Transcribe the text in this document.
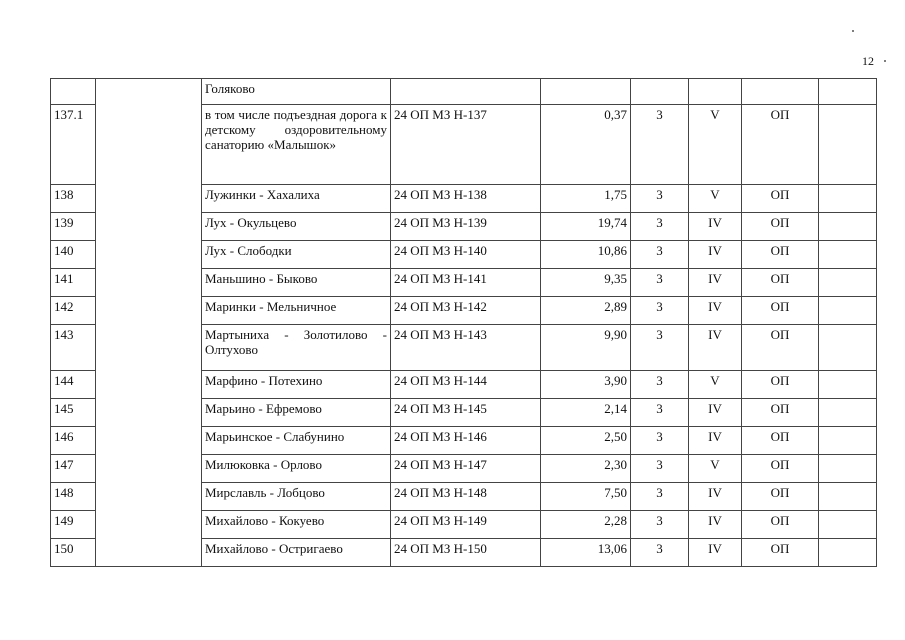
12
		Голяково						
137.1		в том числе подъездная дорога к детскому оздоровительному санаторию «Малышок»	24 ОП МЗ Н-137	0,37	3	V	ОП	
138		Лужинки - Хахалиха	24 ОП МЗ Н-138	1,75	3	V	ОП	
139		Лух - Окульцево	24 ОП МЗ Н-139	19,74	3	IV	ОП	
140		Лух - Слободки	24 ОП МЗ Н-140	10,86	3	IV	ОП	
141		Маньшино - Быково	24 ОП МЗ Н-141	9,35	3	IV	ОП	
142		Маринки - Мельничное	24 ОП МЗ Н-142	2,89	3	IV	ОП	
143		Мартыниха - Золотилово - Олтухово	24 ОП МЗ Н-143	9,90	3	IV	ОП	
144		Марфино - Потехино	24 ОП МЗ Н-144	3,90	3	V	ОП	
145		Марьино - Ефремово	24 ОП МЗ Н-145	2,14	3	IV	ОП	
146		Марьинское - Слабунино	24 ОП МЗ Н-146	2,50	3	IV	ОП	
147		Милюковка - Орлово	24 ОП МЗ Н-147	2,30	3	V	ОП	
148		Мирславль - Лобцово	24 ОП МЗ Н-148	7,50	3	IV	ОП	
149		Михайлово - Кокуево	24 ОП МЗ Н-149	2,28	3	IV	ОП	
150		Михайлово - Остригаево	24 ОП МЗ Н-150	13,06	3	IV	ОП	
